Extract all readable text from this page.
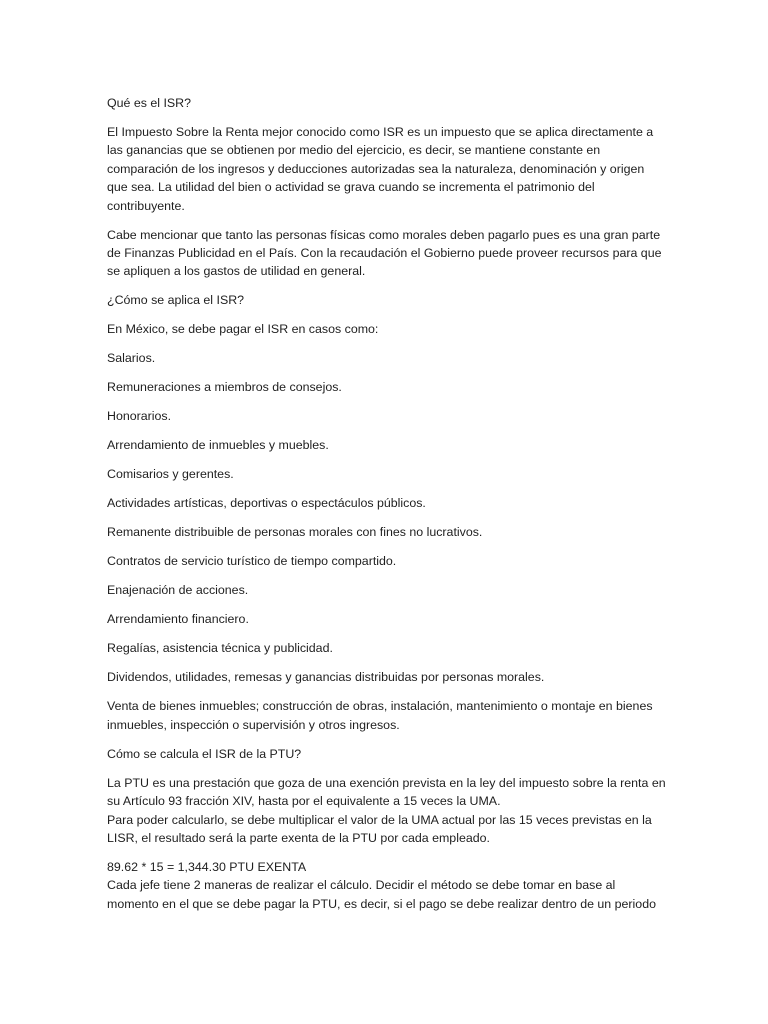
Qué es el ISR?

El Impuesto Sobre la Renta mejor conocido como ISR es un impuesto que se aplica directamente a las ganancias que se obtienen por medio del ejercicio, es decir, se mantiene constante en comparación de los ingresos y deducciones autorizadas sea la naturaleza, denominación y origen que sea. La utilidad del bien o actividad se grava cuando se incrementa el patrimonio del contribuyente.

Cabe mencionar que tanto las personas físicas como morales deben pagarlo pues es una gran parte de Finanzas Publicidad en el País. Con la recaudación el Gobierno puede proveer recursos para que se apliquen a los gastos de utilidad en general.

¿Cómo se aplica el ISR?

En México, se debe pagar el ISR en casos como:

Salarios.

Remuneraciones a miembros de consejos.

Honorarios.

Arrendamiento de inmuebles y muebles.

Comisarios y gerentes.

Actividades artísticas, deportivas o espectáculos públicos.

Remanente distribuible de personas morales con fines no lucrativos.

Contratos de servicio turístico de tiempo compartido.

Enajenación de acciones.

Arrendamiento financiero.

Regalías, asistencia técnica y publicidad.

Dividendos, utilidades, remesas y ganancias distribuidas por personas morales.

Venta de bienes inmuebles; construcción de obras, instalación, mantenimiento o montaje en bienes inmuebles, inspección o supervisión y otros ingresos.

Cómo se calcula el ISR de la PTU?

La PTU es una prestación que goza de una exención prevista en la ley del impuesto sobre la renta en su Artículo 93 fracción XIV, hasta por el equivalente a 15 veces la UMA.

Para poder calcularlo, se debe multiplicar el valor de la UMA actual por las 15 veces previstas en la LISR, el resultado será la parte exenta de la PTU por cada empleado.

89.62 * 15 = 1,344.30 PTU EXENTA

Cada jefe tiene 2 maneras de realizar el cálculo. Decidir el método se debe tomar en base al momento en el que se debe pagar la PTU, es decir, si el pago se debe realizar dentro de un periodo
